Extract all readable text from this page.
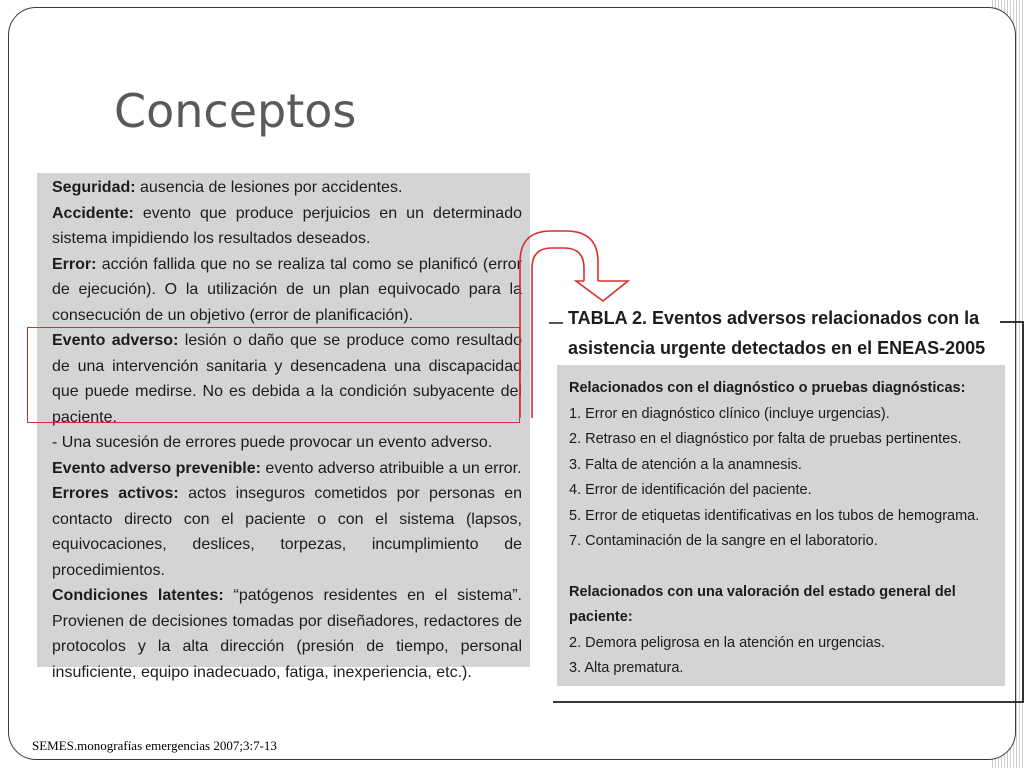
Conceptos

Seguridad: ausencia de lesiones por accidentes.

Accidente: evento que produce perjuicios en un determinado sistema impidiendo los resultados deseados.

Error: acción fallida que no se realiza tal como se planificó (error de ejecución). O la utilización de un plan equivocado para la consecución de un objetivo (error de planificación).

Evento adverso: lesión o daño que se produce como resultado de una intervención sanitaria y desencadena una discapacidad que puede medirse. No es debida a la condición subyacente del paciente.

- Una sucesión de errores puede provocar un evento adverso.

Evento adverso prevenible: evento adverso atribuible a un error.

Errores activos: actos inseguros cometidos por personas en contacto directo con el paciente o con el sistema (lapsos, equivocaciones, deslices, torpezas, incumplimiento de procedimientos.

Condiciones latentes: “patógenos residentes en el sistema”. Provienen de decisiones tomadas por diseñadores, redactores de protocolos y la alta dirección (presión de tiempo, personal insuficiente, equipo inadecuado, fatiga, inexperiencia, etc.).

TABLA 2. Eventos adversos relacionados con la
asistencia urgente detectados en el ENEAS-2005
Relacionados con el diagnóstico o pruebas diagnósticas:
1. Error en diagnóstico clínico (incluye urgencias).
2. Retraso en el diagnóstico por falta de pruebas pertinentes.
3. Falta de atención a la anamnesis.
4. Error de identificación del paciente.
5. Error de etiquetas identificativas en los tubos de hemograma.
7. Contaminación de la sangre en el laboratorio.
Relacionados con una valoración del estado general del paciente:
2. Demora peligrosa en la atención en urgencias.
3. Alta prematura.
SEMES.monografías emergencias 2007;3:7-13
